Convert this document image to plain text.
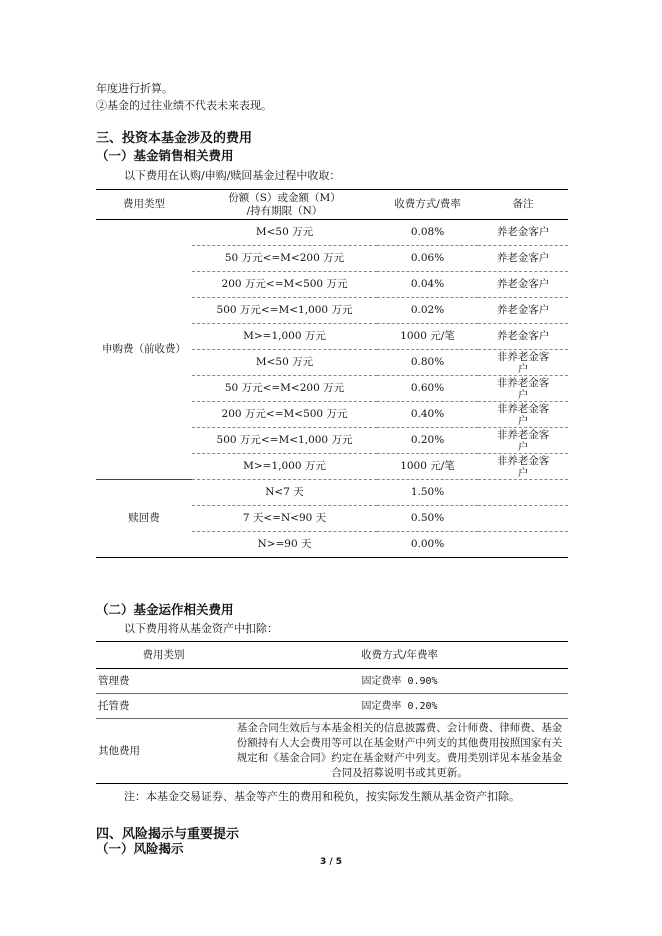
年度进行折算。
②基金的过往业绩不代表未来表现。
三、投资本基金涉及的费用
（一）基金销售相关费用
以下费用在认购/申购/赎回基金过程中收取：
费用类型	份额（S）或金额（M）
/持有期限（N）	收费方式/费率	备注
申购费（前收费）	M<50 万元	0.08%	养老金客户
	50 万元<=M<200 万元	0.06%	养老金客户
	200 万元<=M<500 万元	0.04%	养老金客户
	500 万元<=M<1,000 万元	0.02%	养老金客户
	M>=1,000 万元	1000 元/笔	养老金客户
	M<50 万元	0.80%	非养老金客户
	50 万元<=M<200 万元	0.60%	非养老金客户
	200 万元<=M<500 万元	0.40%	非养老金客户
	500 万元<=M<1,000 万元	0.20%	非养老金客户
	M>=1,000 万元	1000 元/笔	非养老金客户
赎回费	N<7 天	1.50%	
	7 天<=N<90 天	0.50%	
	N>=90 天	0.00%	
（二）基金运作相关费用
以下费用将从基金资产中扣除：
费用类别	收费方式/年费率
管理费	固定费率 0.90%
托管费	固定费率 0.20%
其他费用	基金合同生效后与本基金相关的信息披露费、会计师费、律师费、基金份额持有人大会费用等可以在基金财产中列支的其他费用按照国家有关规定和《基金合同》约定在基金财产中列支。费用类别详见本基金基金合同及招募说明书或其更新。
注：本基金交易证券、基金等产生的费用和税负，按实际发生额从基金资产扣除。
四、风险揭示与重要提示
（一）风险揭示
3 / 5
